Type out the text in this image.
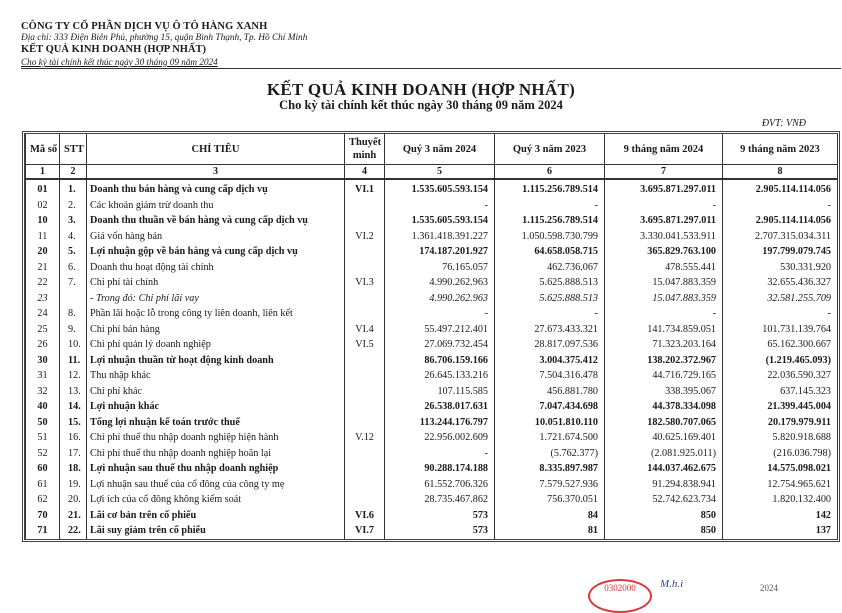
CÔNG TY CỔ PHẦN DỊCH VỤ Ô TÔ HÀNG XANH
Địa chỉ: 333 Điện Biên Phủ, phường 15, quận Bình Thạnh, Tp. Hồ Chí Minh
KẾT QUẢ KINH DOANH (HỢP NHẤT)
Cho kỳ tài chính kết thúc ngày 30 tháng 09 năm 2024
KẾT QUẢ KINH DOANH (HỢP NHẤT)
Cho kỳ tài chính kết thúc ngày 30 tháng 09 năm 2024
ĐVT: VNĐ
Mã số	STT	CHỈ TIÊU	Thuyết minh	Quý 3 năm 2024	Quý 3 năm 2023	9 tháng năm 2024	9 tháng năm 2023
1	2	3	4	5	6	7	8
01	1.	Doanh thu bán hàng và cung cấp dịch vụ	VI.1	1.535.605.593.154	1.115.256.789.514	3.695.871.297.011	2.905.114.114.056
02	2.	Các khoản giảm trừ doanh thu		-	-	-	-
10	3.	Doanh thu thuần về bán hàng và cung cấp dịch vụ		1.535.605.593.154	1.115.256.789.514	3.695.871.297.011	2.905.114.114.056
11	4.	Giá vốn hàng bán	VI.2	1.361.418.391.227	1.050.598.730.799	3.330.041.533.911	2.707.315.034.311
20	5.	Lợi nhuận gộp về bán hàng và cung cấp dịch vụ		174.187.201.927	64.658.058.715	365.829.763.100	197.799.079.745
21	6.	Doanh thu hoạt động tài chính		76.165.057	462.736.067	478.555.441	530.331.920
22	7.	Chi phí tài chính	VI.3	4.990.262.963	5.625.888.513	15.047.883.359	32.655.436.327
23		- Trong đó: Chi phí lãi vay		4.990.262.963	5.625.888.513	15.047.883.359	32.581.255.709
24	8.	Phần lãi hoặc lỗ trong công ty liên doanh, liên kết		-	-	-	-
25	9.	Chi phí bán hàng	VI.4	55.497.212.401	27.673.433.321	141.734.859.051	101.731.139.764
26	10.	Chi phí quản lý doanh nghiệp	VI.5	27.069.732.454	28.817.097.536	71.323.203.164	65.162.300.667
30	11.	Lợi nhuận thuần từ hoạt động kinh doanh		86.706.159.166	3.004.375.412	138.202.372.967	(1.219.465.093)
31	12.	Thu nhập khác		26.645.133.216	7.504.316.478	44.716.729.165	22.036.590.327
32	13.	Chi phí khác		107.115.585	456.881.780	338.395.067	637.145.323
40	14.	Lợi nhuận khác		26.538.017.631	7.047.434.698	44.378.334.098	21.399.445.004
50	15.	Tổng lợi nhuận kế toán trước thuế		113.244.176.797	10.051.810.110	182.580.707.065	20.179.979.911
51	16.	Chi phí thuế thu nhập doanh nghiệp hiện hành	V.12	22.956.002.609	1.721.674.500	40.625.169.401	5.820.918.688
52	17.	Chi phí thuế thu nhập doanh nghiệp hoãn lại		-	(5.762.377)	(2.081.925.011)	(216.036.798)
60	18.	Lợi nhuận sau thuế thu nhập doanh nghiệp		90.288.174.188	8.335.897.987	144.037.462.675	14.575.098.021
61	19.	Lợi nhuận sau thuế của cổ đông của công ty mẹ		61.552.706.326	7.579.527.936	91.294.838.941	12.754.965.621
62	20.	Lợi ích của cổ đông không kiểm soát		28.735.467.862	756.370.051	52.742.623.734	1.820.132.400
70	21.	Lãi cơ bản trên cổ phiếu	VI.6	573	84	850	142
71	22.	Lãi suy giảm trên cổ phiếu	VI.7	573	81	850	137
0302000	M.h.i	2024
